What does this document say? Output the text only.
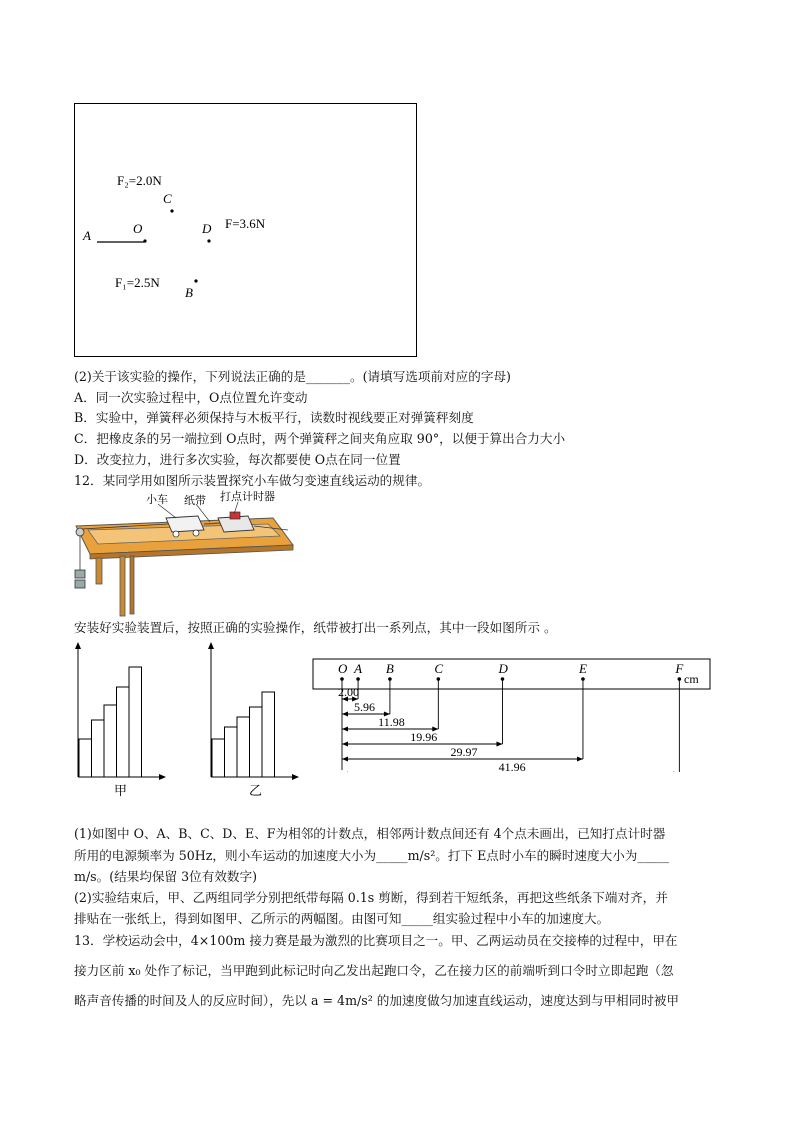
F₂=2.0N
C
A	O	D F=3.6N
F₁=2.5N
B
(2)关于该实验的操作，下列说法正确的是_______。(请填写选项前对应的字母)
A．同一次实验过程中，O点位置允许变动
B．实验中，弹簧秤必须保持与木板平行，读数时视线要正对弹簧秤刻度
C．把橡皮条的另一端拉到 O点时，两个弹簧秤之间夹角应取 90°，以便于算出合力大小
D．改变拉力，进行多次实验，每次都要使 O点在同一位置
12．某同学用如图所示装置探究小车做匀变速直线运动的规律。
小车 纸带 打点计时器
安装好实验装置后，按照正确的实验操作，纸带被打出一系列点，其中一段如图所示 。
甲	乙
O A B	C	D	E	F
2.00
5.96
11.98
19.96
29.97
41.96
cm
(1)如图中 O、A、B、C、D、E、F为相邻的计数点，相邻两计数点间还有 4个点未画出，已知打点计时器
所用的电源频率为 50Hz，则小车运动的加速度大小为_____m/s²。打下 E点时小车的瞬时速度大小为_____
m/s。(结果均保留 3位有效数字)
(2)实验结束后，甲、乙两组同学分别把纸带每隔 0.1s 剪断，得到若干短纸条，再把这些纸条下端对齐，并
排贴在一张纸上，得到如图甲、乙所示的两幅图。由图可知_____组实验过程中小车的加速度大。
13．学校运动会中，4×100m 接力赛是最为激烈的比赛项目之一。甲、乙两运动员在交接棒的过程中，甲在
接力区前 x₀ 处作了标记，当甲跑到此标记时向乙发出起跑口令，乙在接力区的前端听到口令时立即起跑（忽
略声音传播的时间及人的反应时间），先以 a = 4m/s² 的加速度做匀加速直线运动，速度达到与甲相同时被甲
